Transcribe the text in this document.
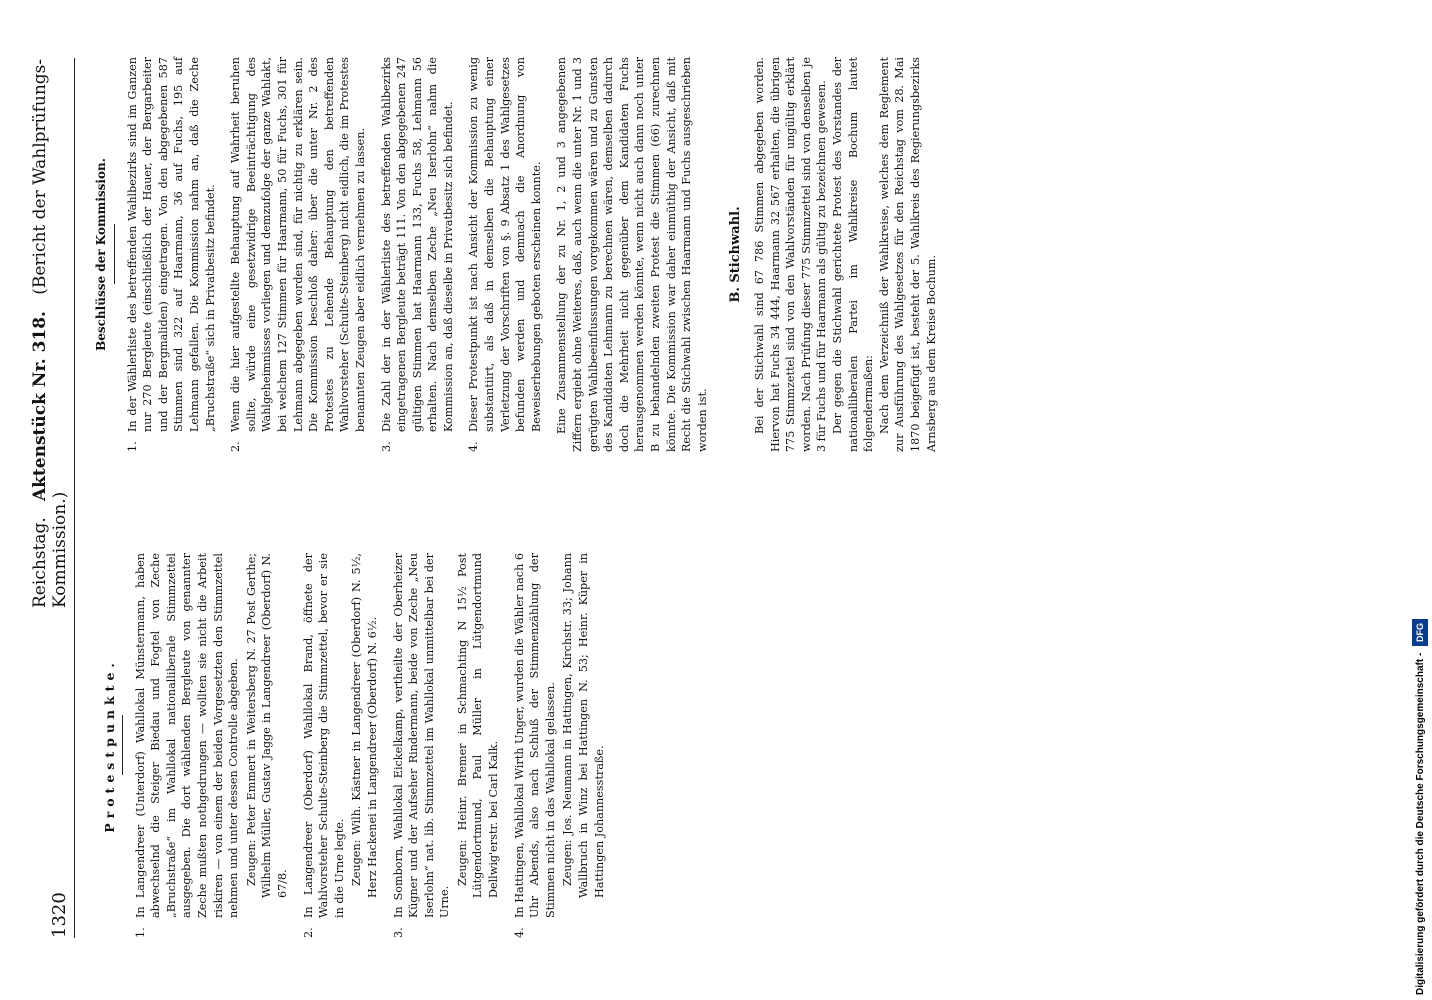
1320
Reichstag.   Aktenstück Nr. 318.   (Bericht der Wahlprüfungs-Kommission.)
Protestpunkte.
1.
In Langendreer (Unterdorf) Wahllokal Münstermann, haben abwechselnd die Steiger Biedau und Fogtel von Zeche „Bruchstraße“ im Wahllokal nationalliberale Stimmzettel ausgegeben. Die dort wählenden Bergleute von genannter Zeche mußten nothgedrungen — wollten sie nicht die Arbeit riskiren — von einem der beiden Vorgesetzten den Stimmzettel nehmen und unter dessen Controlle abgeben. Zeugen: Peter Emmert in Weitersberg N. 27 Post Gerthe; Wilhelm Müller, Gustav Jagge in Langendreer (Oberdorf) N. 67/8.
2.
In Langendreer (Oberdorf) Wahllokal Brand, öffnete der Wahlvorsteher Schulte-Steinberg die Stimmzettel, bevor er sie in die Urne legte. Zeugen: Wilh. Kästner in Langendreer (Oberdorf) N. 5½, Herz Hackenei in Langendreer (Oberdorf) N. 6½.
3.
In Somborn, Wahllokal Eickelkamp, vertheilte der Oberheizer Kügner und der Aufseher Rindermann, beide von Zeche „Neu Iserlohn“ nat. lib. Stimmzettel im Wahllokal unmittelbar bei der Urne.
Zeugen: Heinr. Bremer in Schmachting N 15½ Post Lütgendortmund, Paul Müller in Lütgendortmund Dellwig'erstr. bei Carl Kalk.
4.
In Hattingen, Wahllokal Wirth Unger, wurden die Wähler nach 6 Uhr Abends, also nach Schluß der Stimmenzählung der Stimmen nicht in das Wahllokal gelassen. Zeugen: Jos. Neumann in Hattingen, Kirchstr. 33; Johann Wallbruch in Winz bei Hattingen N. 53; Heinr. Küper in Hattingen Johannesstraße.
Beschlüsse der Kommission.
1.
In der Wählerliste des betreffenden Wahlbezirks sind im Ganzen nur 270 Bergleute (einschließlich der Hauer, der Bergarbeiter und der Bergmaliden) eingetragen. Von den abgegebenen 587 Stimmen sind 322 auf Haarmann, 36 auf Fuchs, 195 auf Lehmann gefallen. Die Kommission nahm an, daß die Zeche „Bruchstraße“ sich in Privatbesitz befindet.
2.
Wenn die hier aufgestellte Behauptung auf Wahrheit beruhen sollte, würde eine gesetzwidrige Beeinträchtigung des Wahlgeheimnisses vorliegen und demzufolge der ganze Wahlakt, bei welchem 127 Stimmen für Haarmann, 50 für Fuchs, 301 für Lehmann abgegeben worden sind, für nichtig zu erklären sein. Die Kommission beschloß daher: über die unter Nr. 2 des Protestes zu Lehende Behauptung den betreffenden Wahlvorsteher (Schulte-Steinberg) nicht eidlich, die im Protestes benannten Zeugen aber eidlich vernehmen zu lassen.
3.
Die Zahl der in der Wählerliste des betreffenden Wahlbezirks eingetragenen Bergleute beträgt 111. Von den abgegebenen 247 gültigen Stimmen hat Haarmann 133, Fuchs 58, Lehmann 56 erhalten. Nach demselben Zeche „Neu Iserlohn“ nahm die Kommission an, daß dieselbe in Privatbesitz sich befindet.
4.
Dieser Protestpunkt ist nach Ansicht der Kommission zu wenig substantiirt, als daß in demselben die Behauptung einer Verletzung der Vorschriften von §. 9 Absatz 1 des Wahlgesetzes befunden werden und demnach die Anordnung von Beweiserhebungen geboten erscheinen konnte. Eine Zusammenstellung der zu Nr. 1, 2 und 3 angegebenen Ziffern ergiebt ohne Weiteres, daß, auch wenn die unter Nr. 1 und 3 gerügten Wahlbeeinflussungen vorgekommen wären und zu Gunsten des Kandidaten Lehmann zu berechnen wären, demselben dadurch doch die Mehrheit nicht gegenüber dem Kandidaten Fuchs herausgenommen werden könnte, wenn nicht auch dann noch unter B zu behandelnden zweiten Protest die Stimmen (66) zurechnen könnte. Die Kommission war daher einmüthig der Ansicht, daß mit Recht die Stichwahl zwischen Haarmann und Fuchs ausgeschrieben worden ist.

B. Stichwahl. Bei der Stichwahl sind 67 786 Stimmen abgegeben worden. Hiervon hat Fuchs 34 444, Haarmann 32 567 erhalten, die übrigen 775 Stimmzettel sind von den Wahlvorständen für ungültig erklärt worden. Nach Prüfung dieser 775 Stimmzettel sind von denselben je 3 für Fuchs und für Haarmann als gültig zu bezeichnen gewesen. Der gegen die Stichwahl gerichtete Protest des Vorstandes der nationalliberalen Partei im Wahlkreise Bochum lautet folgendermaßen: Nach dem Verzeichniß der Wahlkreise, welches dem Reglement zur Ausführung des Wahlgesetzes für den Reichstag vom 28. Mai 1870 beigefügt ist, besteht der 5. Wahlkreis des Regierungsbezirks Arnsberg aus dem Kreise Bochum.

Digitalisierung gefördert durch die Deutsche Forschungsgemeinschaft - DFG
